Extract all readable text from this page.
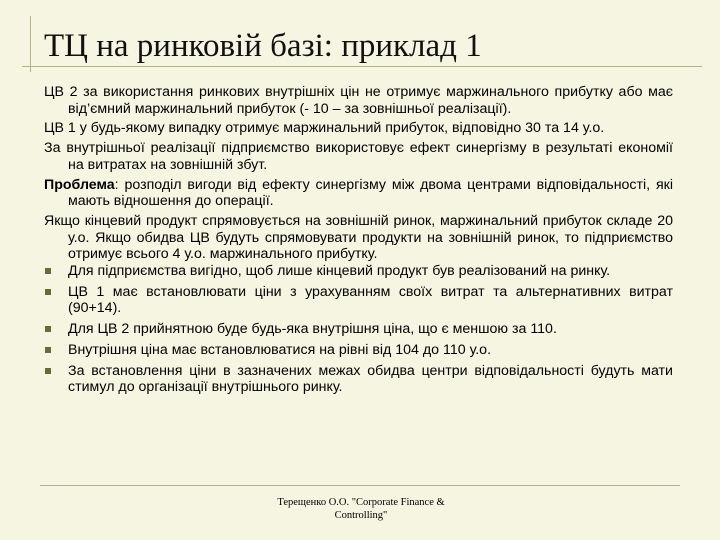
ТЦ на ринковій базі: приклад 1

ЦВ 2 за використання ринкових внутрішніх цін не отримує маржинального прибутку або має від’ємний маржинальний прибуток (- 10 – за зовнішньої реалізації).

ЦВ 1 у будь-якому випадку отримує маржинальний прибуток, відповідно 30 та 14 у.о.

За внутрішньої реалізації підприємство використовує ефект синергізму в результаті економії на витратах на зовнішній збут.

Проблема: розподіл вигоди від ефекту синергізму між двома центрами відповідальності, які мають відношення до операції.

Якщо кінцевий продукт спрямовується на зовнішній ринок, маржинальний прибуток складе 20 у.о. Якщо обидва ЦВ будуть спрямовувати продукти на зовнішній ринок, то підприємство отримує всього 4 у.о. маржинального прибутку.

Для підприємства вигідно, щоб лише кінцевий продукт був реалізований на ринку.
ЦВ 1 має встановлювати ціни з урахуванням своїх витрат та альтернативних витрат (90+14).
Для ЦВ 2 прийнятною буде будь-яка внутрішня ціна, що є меншою за 110.
Внутрішня ціна має встановлюватися на рівні від 104 до 110 у.о.
За встановлення ціни в зазначених межах обидва центри відповідальності будуть мати стимул до організації внутрішнього ринку.
Терещенко О.О. "Corporate Finance &
Controlling"
